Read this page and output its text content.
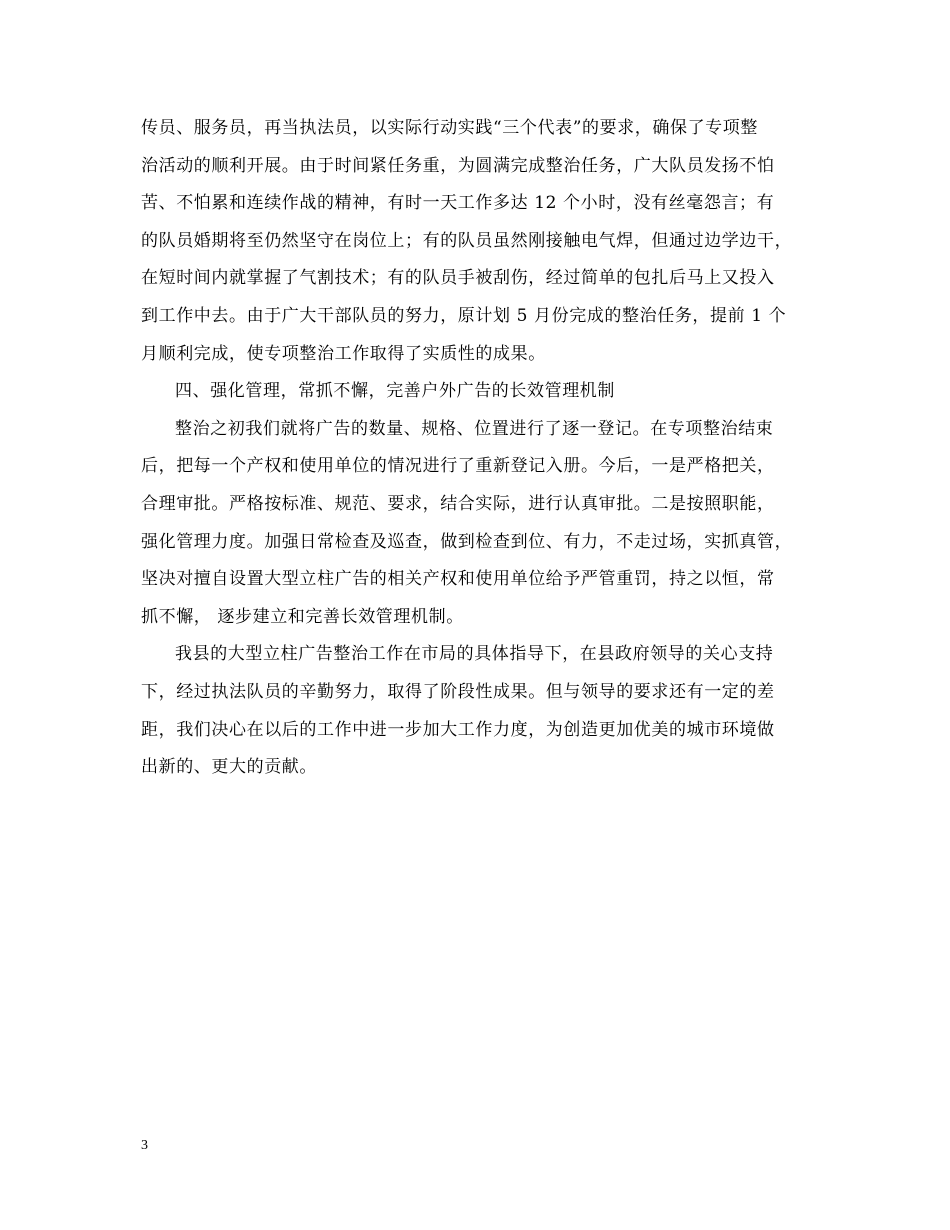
传员、服务员，再当执法员，以实际行动实践“三个代表”的要求，确保了专项整
治活动的顺利开展。由于时间紧任务重，为圆满完成整治任务，广大队员发扬不怕
苦、不怕累和连续作战的精神，有时一天工作多达 12 个小时，没有丝毫怨言；有
的队员婚期将至仍然坚守在岗位上；有的队员虽然刚接触电气焊，但通过边学边干，
在短时间内就掌握了气割技术；有的队员手被刮伤，经过简单的包扎后马上又投入
到工作中去。由于广大干部队员的努力，原计划 5 月份完成的整治任务，提前 1 个
月顺利完成，使专项整治工作取得了实质性的成果。
四、强化管理，常抓不懈，完善户外广告的长效管理机制
整治之初我们就将广告的数量、规格、位置进行了逐一登记。在专项整治结束
后，把每一个产权和使用单位的情况进行了重新登记入册。今后，一是严格把关，
合理审批。严格按标准、规范、要求，结合实际，进行认真审批。二是按照职能，
强化管理力度。加强日常检查及巡查，做到检查到位、有力，不走过场，实抓真管，
坚决对擅自设置大型立柱广告的相关产权和使用单位给予严管重罚，持之以恒，常
抓不懈， 逐步建立和完善长效管理机制。
我县的大型立柱广告整治工作在市局的具体指导下，在县政府领导的关心支持
下，经过执法队员的辛勤努力，取得了阶段性成果。但与领导的要求还有一定的差
距，我们决心在以后的工作中进一步加大工作力度，为创造更加优美的城市环境做
出新的、更大的贡献。
3
